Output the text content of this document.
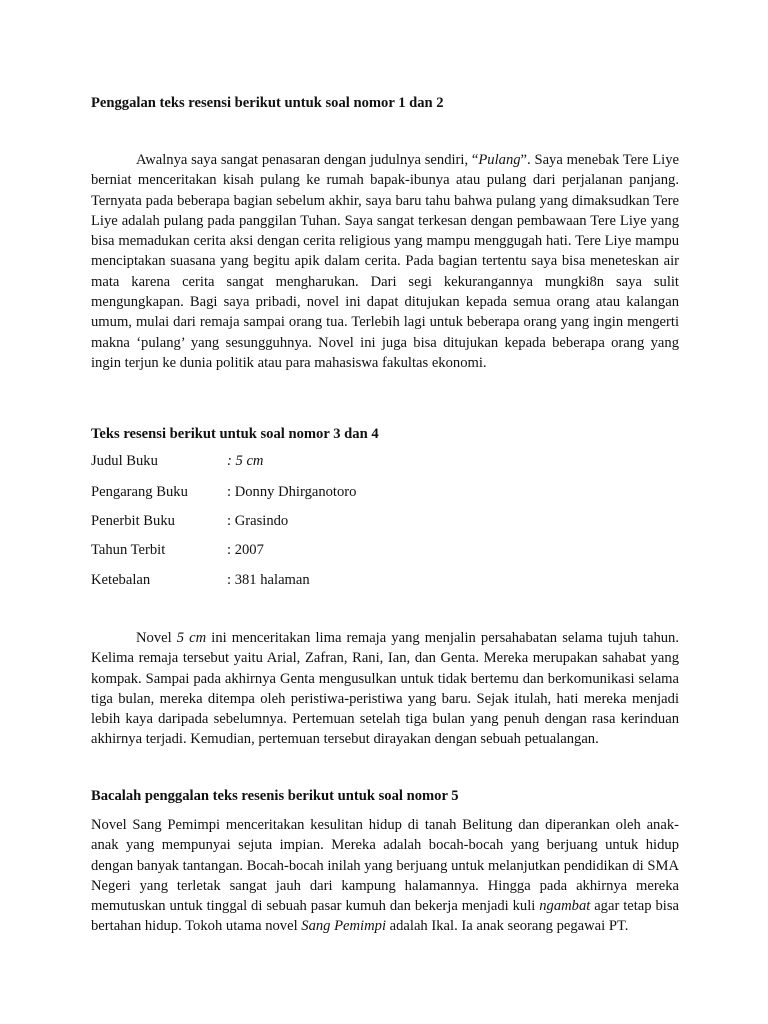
Penggalan teks resensi berikut untuk soal nomor 1 dan 2

Awalnya saya sangat penasaran dengan judulnya sendiri, “Pulang”. Saya menebak Tere Liye berniat menceritakan kisah pulang ke rumah bapak-ibunya atau pulang dari perjalanan panjang. Ternyata pada beberapa bagian sebelum akhir, saya baru tahu bahwa pulang yang dimaksudkan Tere Liye adalah pulang pada panggilan Tuhan. Saya sangat terkesan dengan pembawaan Tere Liye yang bisa memadukan cerita aksi dengan cerita religious yang mampu menggugah hati. Tere Liye mampu menciptakan suasana yang begitu apik dalam cerita. Pada bagian tertentu saya bisa meneteskan air mata karena cerita sangat mengharukan. Dari segi kekurangannya mungki8n saya sulit mengungkapan. Bagi saya pribadi, novel ini dapat ditujukan kepada semua orang atau kalangan umum, mulai dari remaja sampai orang tua. Terlebih lagi untuk beberapa orang yang ingin mengerti makna ‘pulang’ yang sesungguhnya. Novel ini juga bisa ditujukan kepada beberapa orang yang ingin terjun ke dunia politik atau para mahasiswa fakultas ekonomi.

Teks resensi berikut untuk soal nomor 3 dan 4

Judul Buku	: 5 cm
Pengarang Buku	: Donny Dhirganotoro
Penerbit Buku	: Grasindo
Tahun Terbit	: 2007
Ketebalan	: 381 halaman

Novel 5 cm ini menceritakan lima remaja yang menjalin persahabatan selama tujuh tahun. Kelima remaja tersebut yaitu Arial, Zafran, Rani, Ian, dan Genta. Mereka merupakan sahabat yang kompak. Sampai pada akhirnya Genta mengusulkan untuk tidak bertemu dan berkomunikasi selama tiga bulan, mereka ditempa oleh peristiwa-peristiwa yang baru. Sejak itulah, hati mereka menjadi lebih kaya daripada sebelumnya. Pertemuan setelah tiga bulan yang penuh dengan rasa kerinduan akhirnya terjadi. Kemudian, pertemuan tersebut dirayakan dengan sebuah petualangan.

Bacalah penggalan teks resenis berikut untuk soal nomor 5

Novel Sang Pemimpi menceritakan kesulitan hidup di tanah Belitung dan diperankan oleh anak-anak yang mempunyai sejuta impian. Mereka adalah bocah-bocah yang berjuang untuk hidup dengan banyak tantangan. Bocah-bocah inilah yang berjuang untuk melanjutkan pendidikan di SMA Negeri yang terletak sangat jauh dari kampung halamannya. Hingga pada akhirnya mereka memutuskan untuk tinggal di sebuah pasar kumuh dan bekerja menjadi kuli ngambat agar tetap bisa bertahan hidup. Tokoh utama novel Sang Pemimpi adalah Ikal. Ia anak seorang pegawai PT.
